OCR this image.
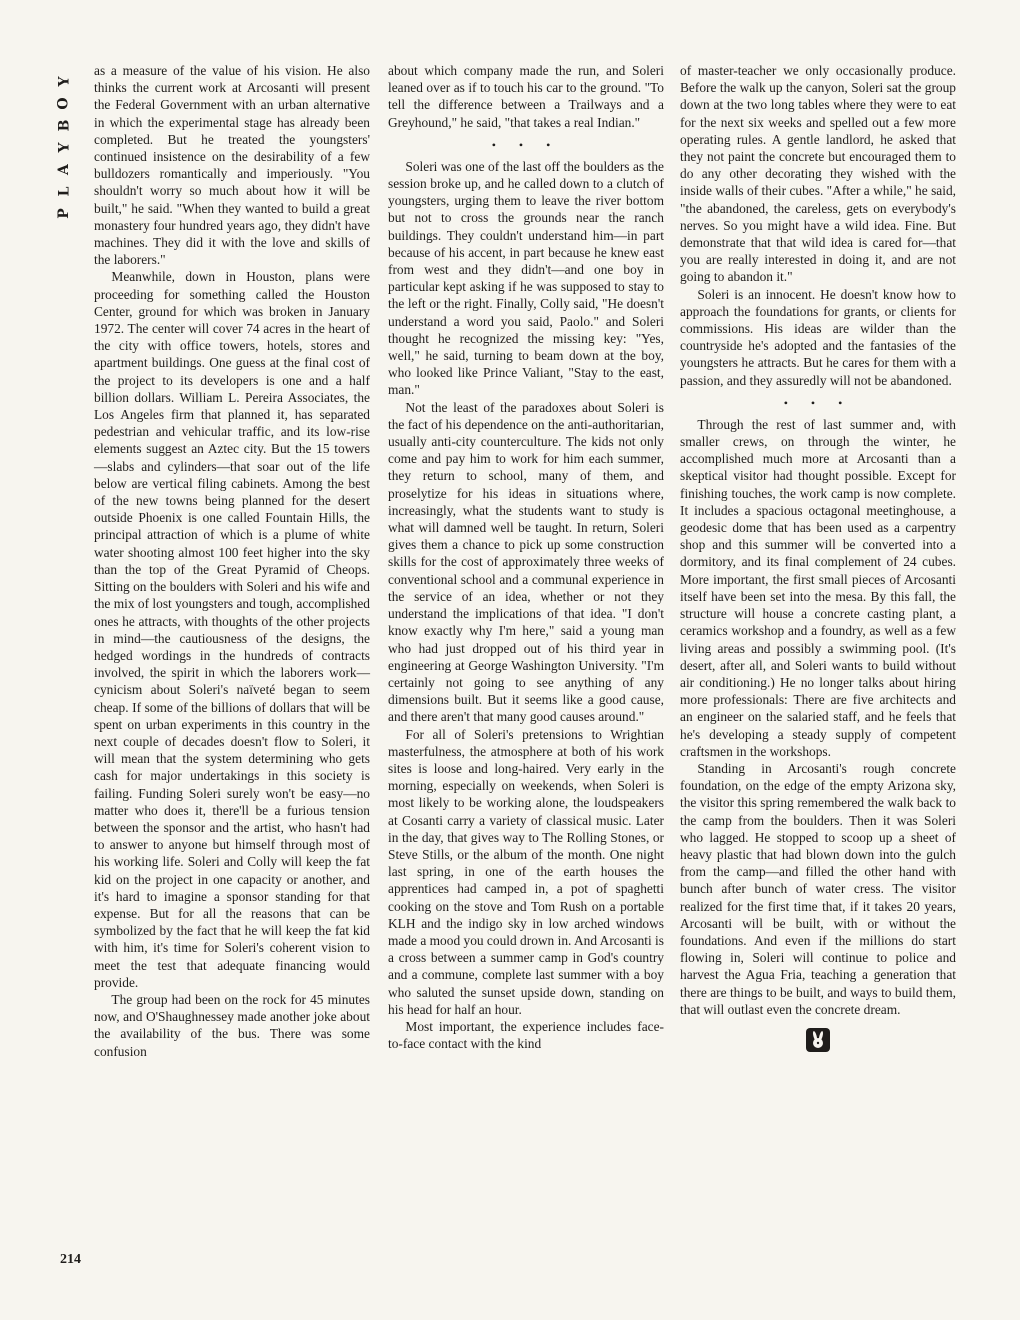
Y
O
B
Y
A
L
P
214

as a measure of the value of his vision. He also thinks the current work at Arcosanti will present the Federal Government with an urban alternative in which the experimental stage has already been completed. But he treated the youngsters' continued insistence on the desirability of a few bulldozers romantically and imperiously. "You shouldn't worry so much about how it will be built," he said. "When they wanted to build a great monastery four hundred years ago, they didn't have machines. They did it with the love and skills of the laborers."

Meanwhile, down in Houston, plans were proceeding for something called the Houston Center, ground for which was broken in January 1972. The center will cover 74 acres in the heart of the city with office towers, hotels, stores and apartment buildings. One guess at the final cost of the project to its developers is one and a half billion dollars. William L. Pereira Associates, the Los Angeles firm that planned it, has separated pedestrian and vehicular traffic, and its low-rise elements suggest an Aztec city. But the 15 towers—slabs and cylinders—that soar out of the life below are vertical filing cabinets. Among the best of the new towns being planned for the desert outside Phoenix is one called Fountain Hills, the principal attraction of which is a plume of white water shooting almost 100 feet higher into the sky than the top of the Great Pyramid of Cheops. Sitting on the boulders with Soleri and his wife and the mix of lost youngsters and tough, accomplished ones he attracts, with thoughts of the other projects in mind—the cautiousness of the designs, the hedged wordings in the hundreds of contracts involved, the spirit in which the laborers work—cynicism about Soleri's naïveté began to seem cheap. If some of the billions of dollars that will be spent on urban experiments in this country in the next couple of decades doesn't flow to Soleri, it will mean that the system determining who gets cash for major undertakings in this society is failing. Funding Soleri surely won't be easy—no matter who does it, there'll be a furious tension between the sponsor and the artist, who hasn't had to answer to anyone but himself through most of his working life. Soleri and Colly will keep the fat kid on the project in one capacity or another, and it's hard to imagine a sponsor standing for that expense. But for all the reasons that can be symbolized by the fact that he will keep the fat kid with him, it's time for Soleri's coherent vision to meet the test that adequate financing would provide.

The group had been on the rock for 45 minutes now, and O'Shaughnessey made another joke about the availability of the bus. There was some confusion

about which company made the run, and Soleri leaned over as if to touch his car to the ground. "To tell the difference between a Trailways and a Greyhound," he said, "that takes a real Indian."

• • •

Soleri was one of the last off the boulders as the session broke up, and he called down to a clutch of youngsters, urging them to leave the river bottom but not to cross the grounds near the ranch buildings. They couldn't understand him—in part because of his accent, in part because he knew east from west and they didn't—and one boy in particular kept asking if he was supposed to stay to the left or the right. Finally, Colly said, "He doesn't understand a word you said, Paolo." and Soleri thought he recognized the missing key: "Yes, well," he said, turning to beam down at the boy, who looked like Prince Valiant, "Stay to the east, man."

Not the least of the paradoxes about Soleri is the fact of his dependence on the anti-authoritarian, usually anti-city counterculture. The kids not only come and pay him to work for him each summer, they return to school, many of them, and proselytize for his ideas in situations where, increasingly, what the students want to study is what will damned well be taught. In return, Soleri gives them a chance to pick up some construction skills for the cost of approximately three weeks of conventional school and a communal experience in the service of an idea, whether or not they understand the implications of that idea. "I don't know exactly why I'm here," said a young man who had just dropped out of his third year in engineering at George Washington University. "I'm certainly not going to see anything of any dimensions built. But it seems like a good cause, and there aren't that many good causes around."

For all of Soleri's pretensions to Wrightian masterfulness, the atmosphere at both of his work sites is loose and long-haired. Very early in the morning, especially on weekends, when Soleri is most likely to be working alone, the loudspeakers at Cosanti carry a variety of classical music. Later in the day, that gives way to The Rolling Stones, or Steve Stills, or the album of the month. One night last spring, in one of the earth houses the apprentices had camped in, a pot of spaghetti cooking on the stove and Tom Rush on a portable KLH and the indigo sky in low arched windows made a mood you could drown in. And Arcosanti is a cross between a summer camp in God's country and a commune, complete last summer with a boy who saluted the sunset upside down, standing on his head for half an hour.

Most important, the experience includes face-to-face contact with the kind

of master-teacher we only occasionally produce. Before the walk up the canyon, Soleri sat the group down at the two long tables where they were to eat for the next six weeks and spelled out a few more operating rules. A gentle landlord, he asked that they not paint the concrete but encouraged them to do any other decorating they wished with the inside walls of their cubes. "After a while," he said, "the abandoned, the careless, gets on everybody's nerves. So you might have a wild idea. Fine. But demonstrate that that wild idea is cared for—that you are really interested in doing it, and are not going to abandon it."

Soleri is an innocent. He doesn't know how to approach the foundations for grants, or clients for commissions. His ideas are wilder than the countryside he's adopted and the fantasies of the youngsters he attracts. But he cares for them with a passion, and they assuredly will not be abandoned.

• • •

Through the rest of last summer and, with smaller crews, on through the winter, he accomplished much more at Arcosanti than a skeptical visitor had thought possible. Except for finishing touches, the work camp is now complete. It includes a spacious octagonal meetinghouse, a geodesic dome that has been used as a carpentry shop and this summer will be converted into a dormitory, and its final complement of 24 cubes. More important, the first small pieces of Arcosanti itself have been set into the mesa. By this fall, the structure will house a concrete casting plant, a ceramics workshop and a foundry, as well as a few living areas and possibly a swimming pool. (It's desert, after all, and Soleri wants to build without air conditioning.) He no longer talks about hiring more professionals: There are five architects and an engineer on the salaried staff, and he feels that he's developing a steady supply of competent craftsmen in the workshops.

Standing in Arcosanti's rough concrete foundation, on the edge of the empty Arizona sky, the visitor this spring remembered the walk back to the camp from the boulders. Then it was Soleri who lagged. He stopped to scoop up a sheet of heavy plastic that had blown down into the gulch from the camp—and filled the other hand with bunch after bunch of water cress. The visitor realized for the first time that, if it takes 20 years, Arcosanti will be built, with or without the foundations. And even if the millions do start flowing in, Soleri will continue to police and harvest the Agua Fria, teaching a generation that there are things to be built, and ways to build them, that will outlast even the concrete dream.
